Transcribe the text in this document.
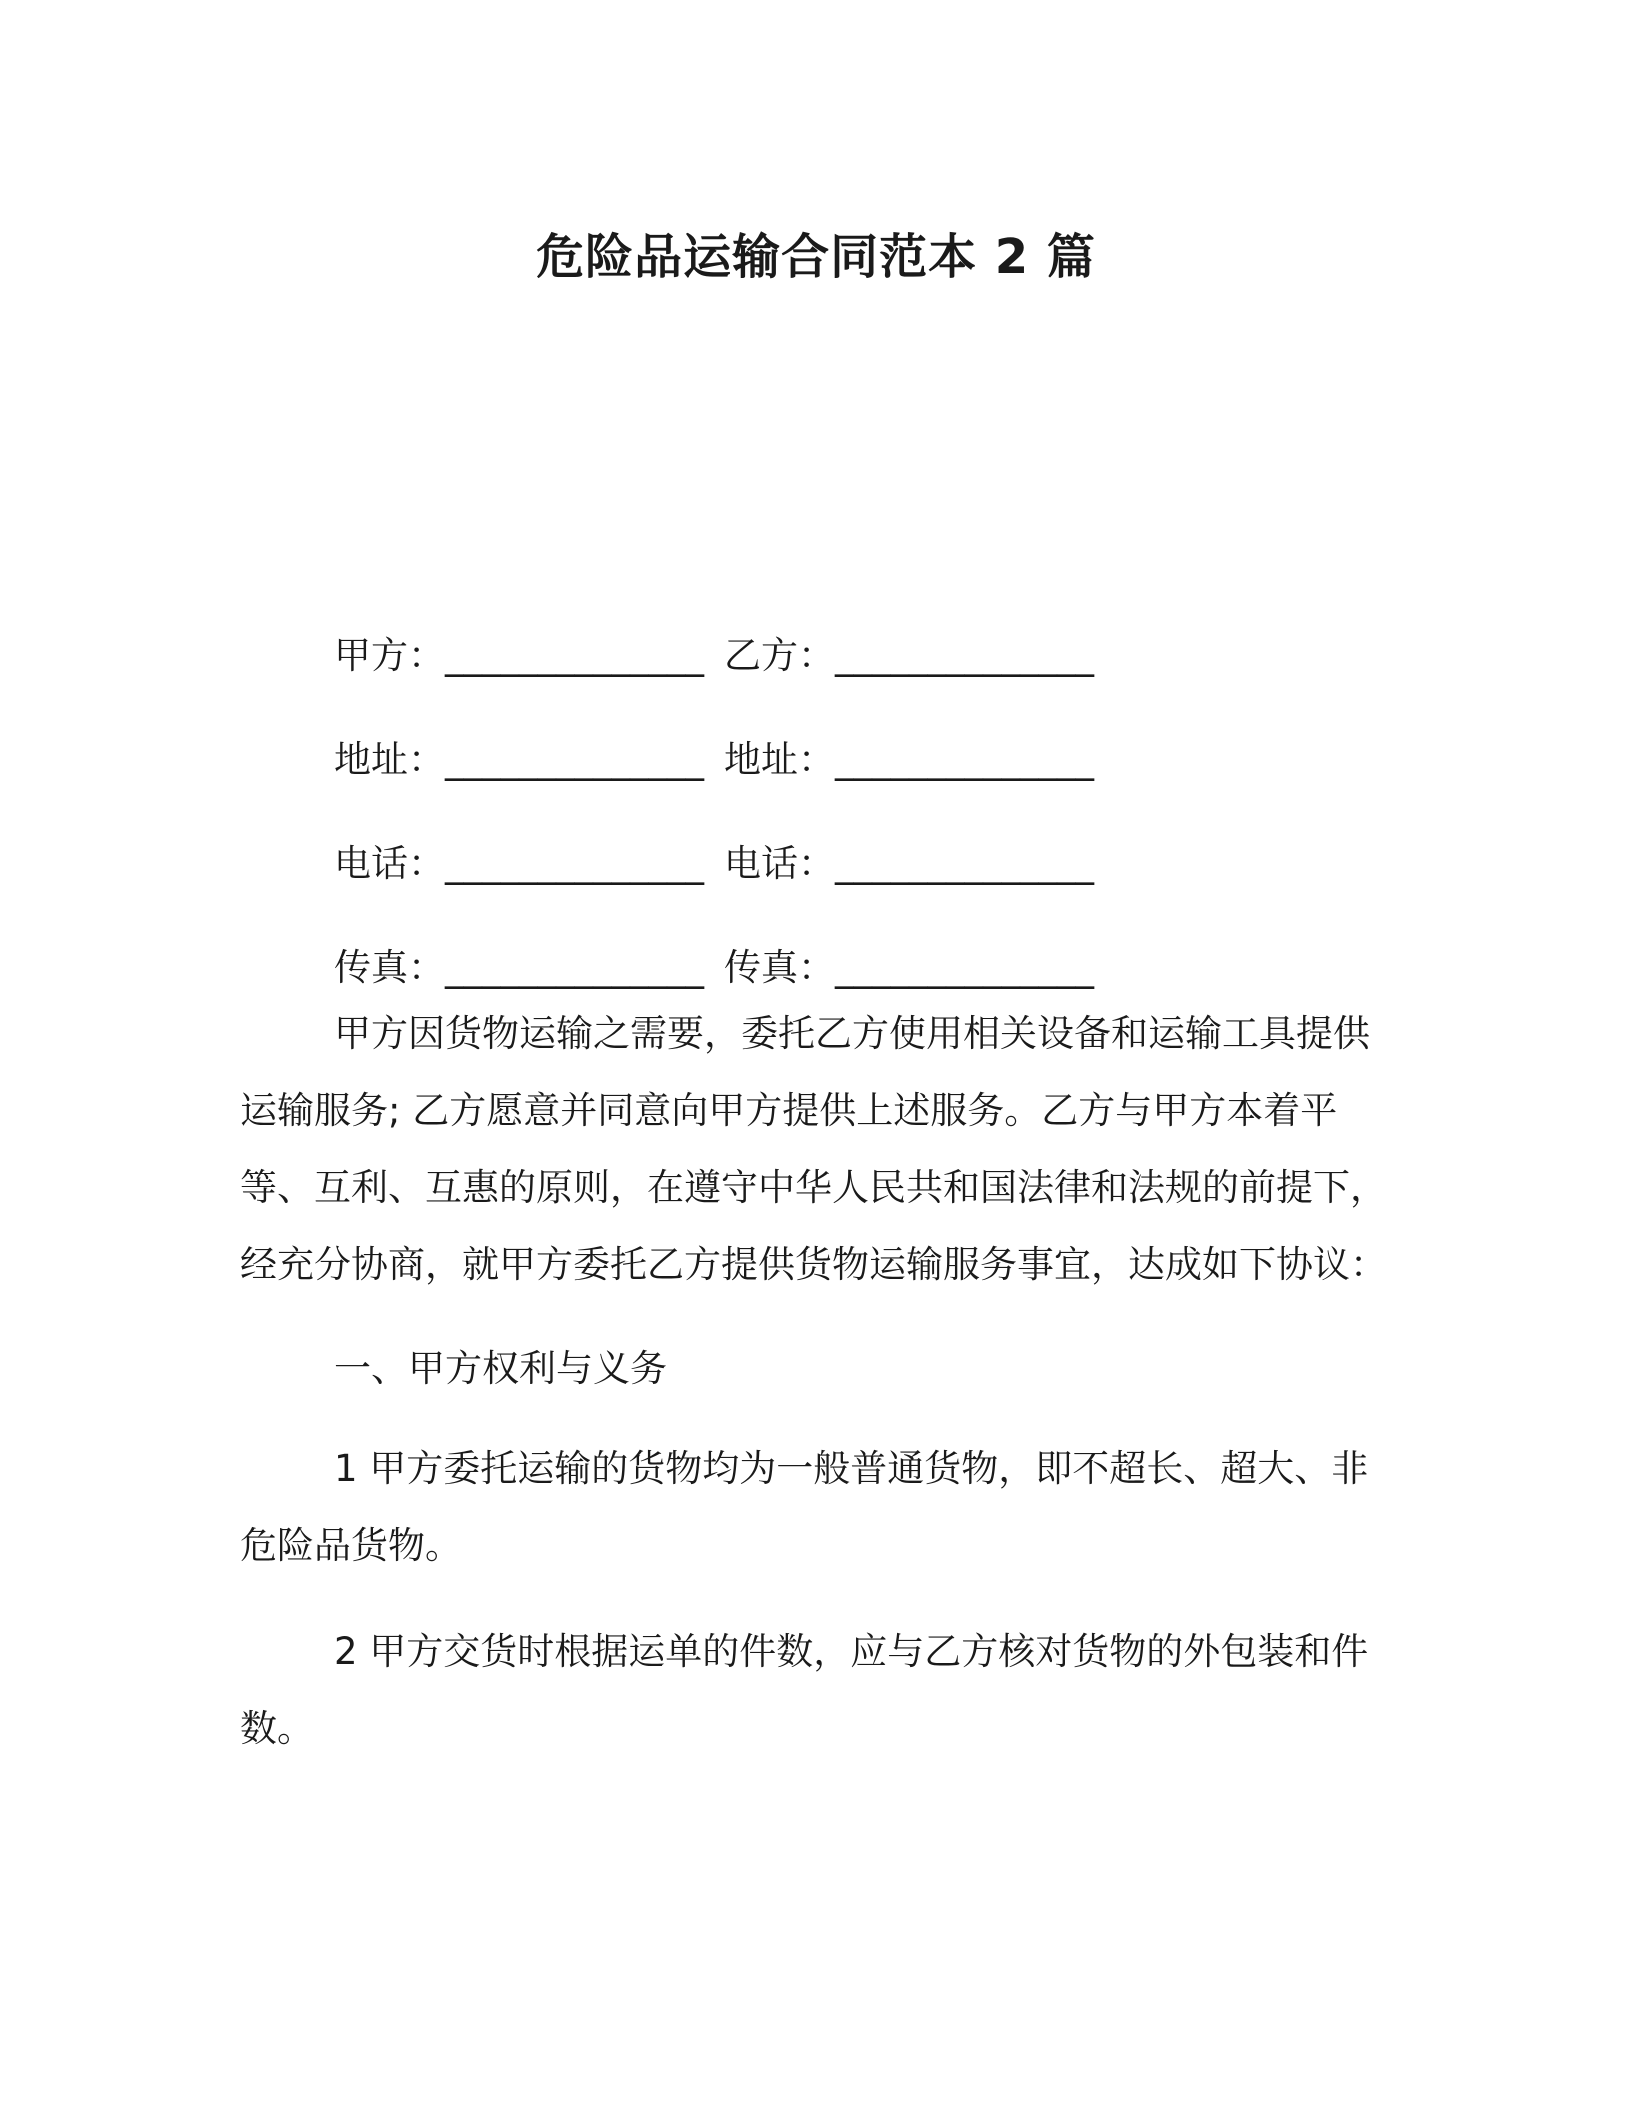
危险品运输合同范本 2 篇
甲方：______________ 乙方：______________
地址：______________ 地址：______________
电话：______________ 电话：______________
传真：______________ 传真：______________

甲方因货物运输之需要，委托乙方使用相关设备和运输工具提供运输服务; 乙方愿意并同意向甲方提供上述服务。乙方与甲方本着平等、互利、互惠的原则，在遵守中华人民共和国法律和法规的前提下，经充分协商，就甲方委托乙方提供货物运输服务事宜，达成如下协议：

一、甲方权利与义务

1 甲方委托运输的货物均为一般普通货物，即不超长、超大、非危险品货物。

2 甲方交货时根据运单的件数，应与乙方核对货物的外包装和件数。
